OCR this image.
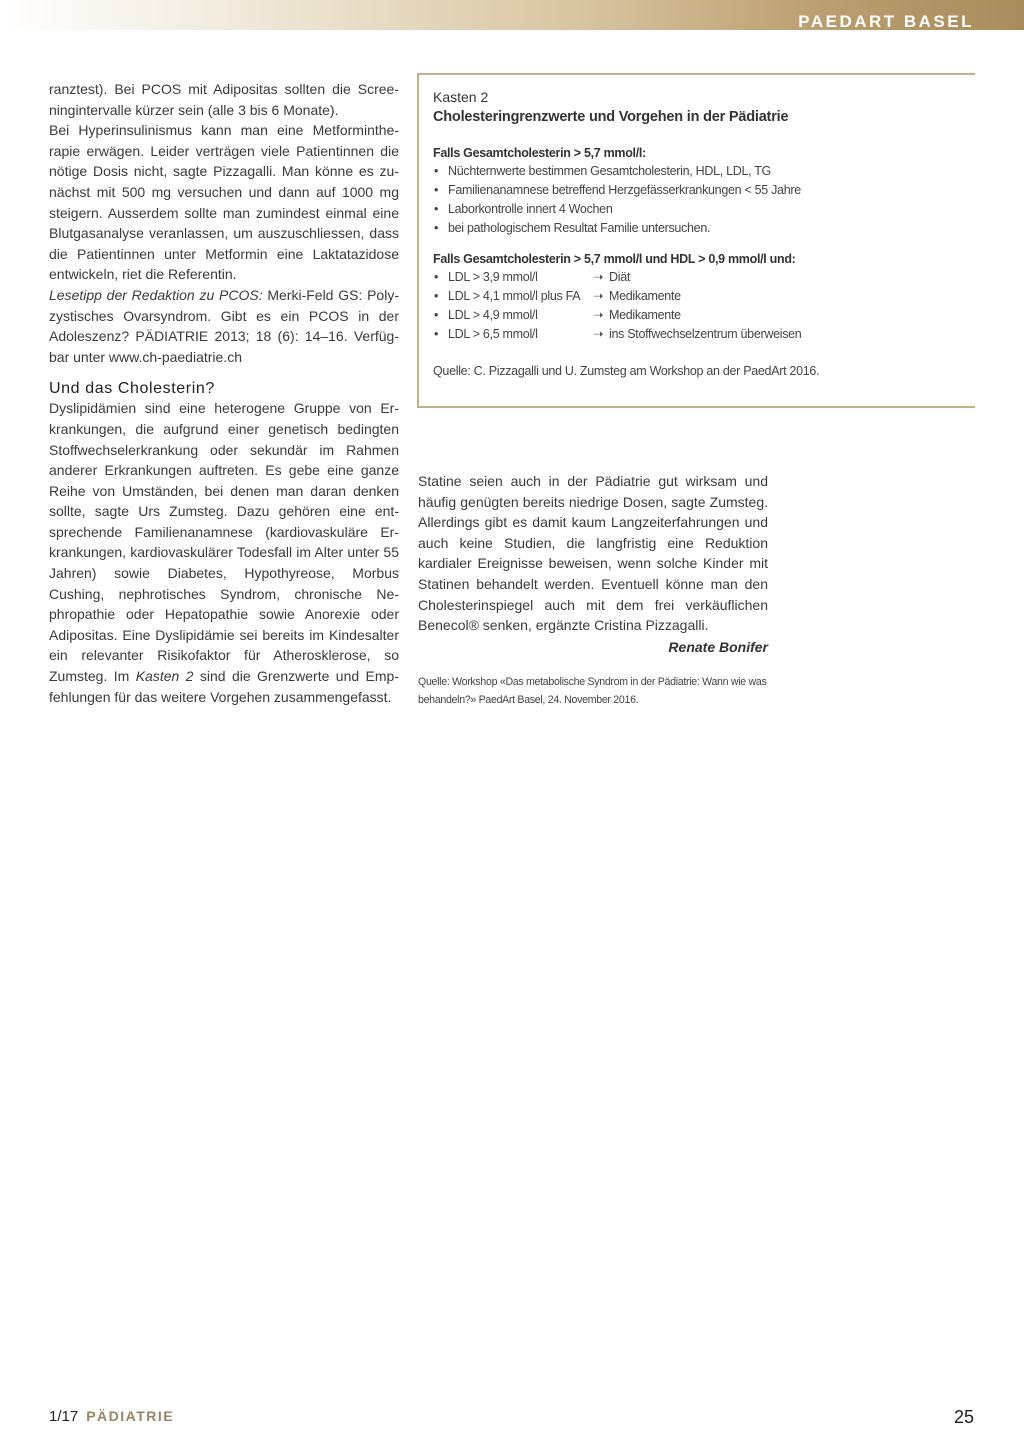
PAEDART BASEL

ranztest). Bei PCOS mit Adipositas sollten die Screeningintervalle kürzer sein (alle 3 bis 6 Monate).

Bei Hyperinsulinismus kann man eine Metformintherapie erwägen. Leider verträgen viele Patientinnen die nötige Dosis nicht, sagte Pizzagalli. Man könne es zunächst mit 500 mg versuchen und dann auf 1000 mg steigern. Ausserdem sollte man zumindest einmal eine Blutgasanalyse veranlassen, um auszuschliessen, dass die Patientinnen unter Metformin eine Laktatazidose entwickeln, riet die Referentin.

Lesetipp der Redaktion zu PCOS: Merki-Feld GS: Polyzystisches Ovarsyndrom. Gibt es ein PCOS in der Adoleszenz? PÄDIATRIE 2013; 18 (6): 14–16. Verfügbar unter www.ch-paediatrie.ch

Und das Cholesterin?

Dyslipidämien sind eine heterogene Gruppe von Erkrankungen, die aufgrund einer genetisch bedingten Stoffwechselerkrankung oder sekundär im Rahmen anderer Erkrankungen auftreten. Es gebe eine ganze Reihe von Umständen, bei denen man daran denken sollte, sagte Urs Zumsteg. Dazu gehören eine entsprechende Familienanamnese (kardiovaskuläre Erkrankungen, kardiovaskulärer Todesfall im Alter unter 55 Jahren) sowie Diabetes, Hypothyreose, Morbus Cushing, nephrotisches Syndrom, chronische Nephropathie oder Hepatopathie sowie Anorexie oder Adipositas. Eine Dyslipidämie sei bereits im Kindesalter ein relevanter Risikofaktor für Atherosklerose, so Zumsteg. Im Kasten 2 sind die Grenzwerte und Empfehlungen für das weitere Vorgehen zusammengefasst.

Kasten 2
Cholesteringrenzwerte und Vorgehen in der Pädiatrie
Falls Gesamtcholesterin > 5,7 mmol/l:
• Nüchternwerte bestimmen Gesamtcholesterin, HDL, LDL, TG
• Familienanamnese betreffend Herzgefässerkrankungen < 55 Jahre
• Laborkontrolle innert 4 Wochen
• bei pathologischem Resultat Familie untersuchen.
Falls Gesamtcholesterin > 5,7 mmol/l und HDL > 0,9 mmol/l und:
• LDL > 3,9 mmol/l	➝ Diät
• LDL > 4,1 mmol/l plus FA ➝ Medikamente
• LDL > 4,9 mmol/l	➝ Medikamente
• LDL > 6,5 mmol/l	➝ ins Stoffwechselzentrum überweisen
Quelle: C. Pizzagalli und U. Zumsteg am Workshop an der PaedArt 2016.

Statine seien auch in der Pädiatrie gut wirksam und häufig genügten bereits niedrige Dosen, sagte Zumsteg. Allerdings gibt es damit kaum Langzeiterfahrungen und auch keine Studien, die langfristig eine Reduktion kardialer Ereignisse beweisen, wenn solche Kinder mit Statinen behandelt werden. Eventuell könne man den Cholesterinspiegel auch mit dem frei verkäuflichen Benecol® senken, ergänzte Cristina Pizzagalli.

Renate Bonifer

Quelle: Workshop «Das metabolische Syndrom in der Pädiatrie: Wann wie was behandeln?» PaedArt Basel, 24. November 2016.

1/17 PÄDIATRIE	25
